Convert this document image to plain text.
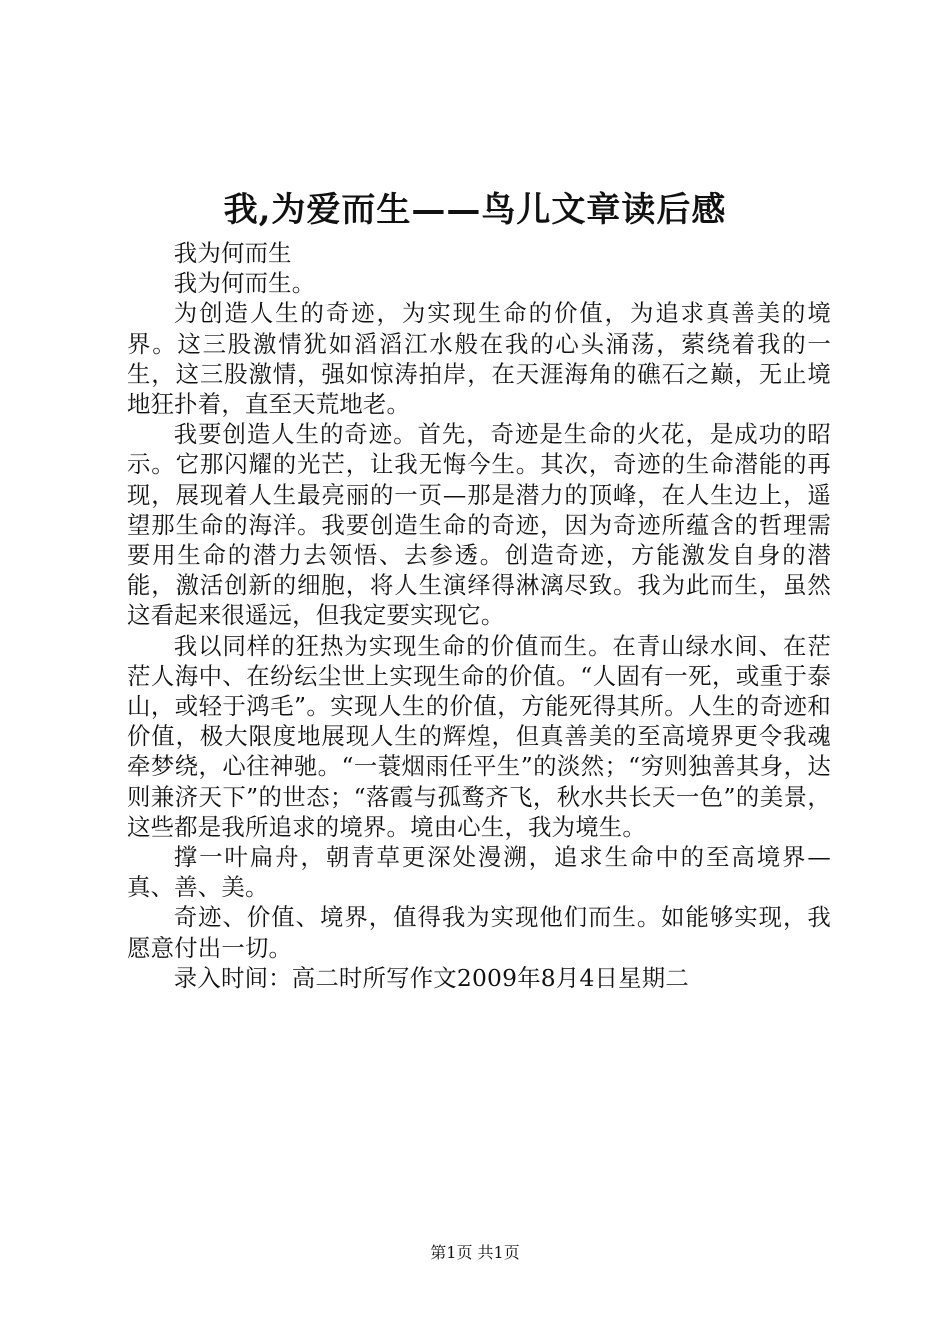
我,为爱而生——鸟儿文章读后感

我为何而生

我为何而生。

为创造人生的奇迹，为实现生命的价值，为追求真善美的境界。这三股激情犹如滔滔江水般在我的心头涌荡，萦绕着我的一生，这三股激情，强如惊涛拍岸，在天涯海角的礁石之巅，无止境地狂扑着，直至天荒地老。

我要创造人生的奇迹。首先，奇迹是生命的火花，是成功的昭示。它那闪耀的光芒，让我无悔今生。其次，奇迹的生命潜能的再现，展现着人生最亮丽的一页—那是潜力的顶峰，在人生边上，遥望那生命的海洋。我要创造生命的奇迹，因为奇迹所蕴含的哲理需要用生命的潜力去领悟、去参透。创造奇迹，方能激发自身的潜能，激活创新的细胞，将人生演绎得淋漓尽致。我为此而生，虽然这看起来很遥远，但我定要实现它。

我以同样的狂热为实现生命的价值而生。在青山绿水间、在茫茫人海中、在纷纭尘世上实现生命的价值。“人固有一死，或重于泰山，或轻于鸿毛”。实现人生的价值，方能死得其所。人生的奇迹和价值，极大限度地展现人生的辉煌，但真善美的至高境界更令我魂牵梦绕，心往神驰。“一蓑烟雨任平生”的淡然；“穷则独善其身，达则兼济天下”的世态；“落霞与孤鹜齐飞，秋水共长天一色”的美景，这些都是我所追求的境界。境由心生，我为境生。

撑一叶扁舟，朝青草更深处漫溯，追求生命中的至高境界—真、善、美。

奇迹、价值、境界，值得我为实现他们而生。如能够实现，我愿意付出一切。

录入时间：高二时所写作文2009年8月4日星期二

第1页 共1页
